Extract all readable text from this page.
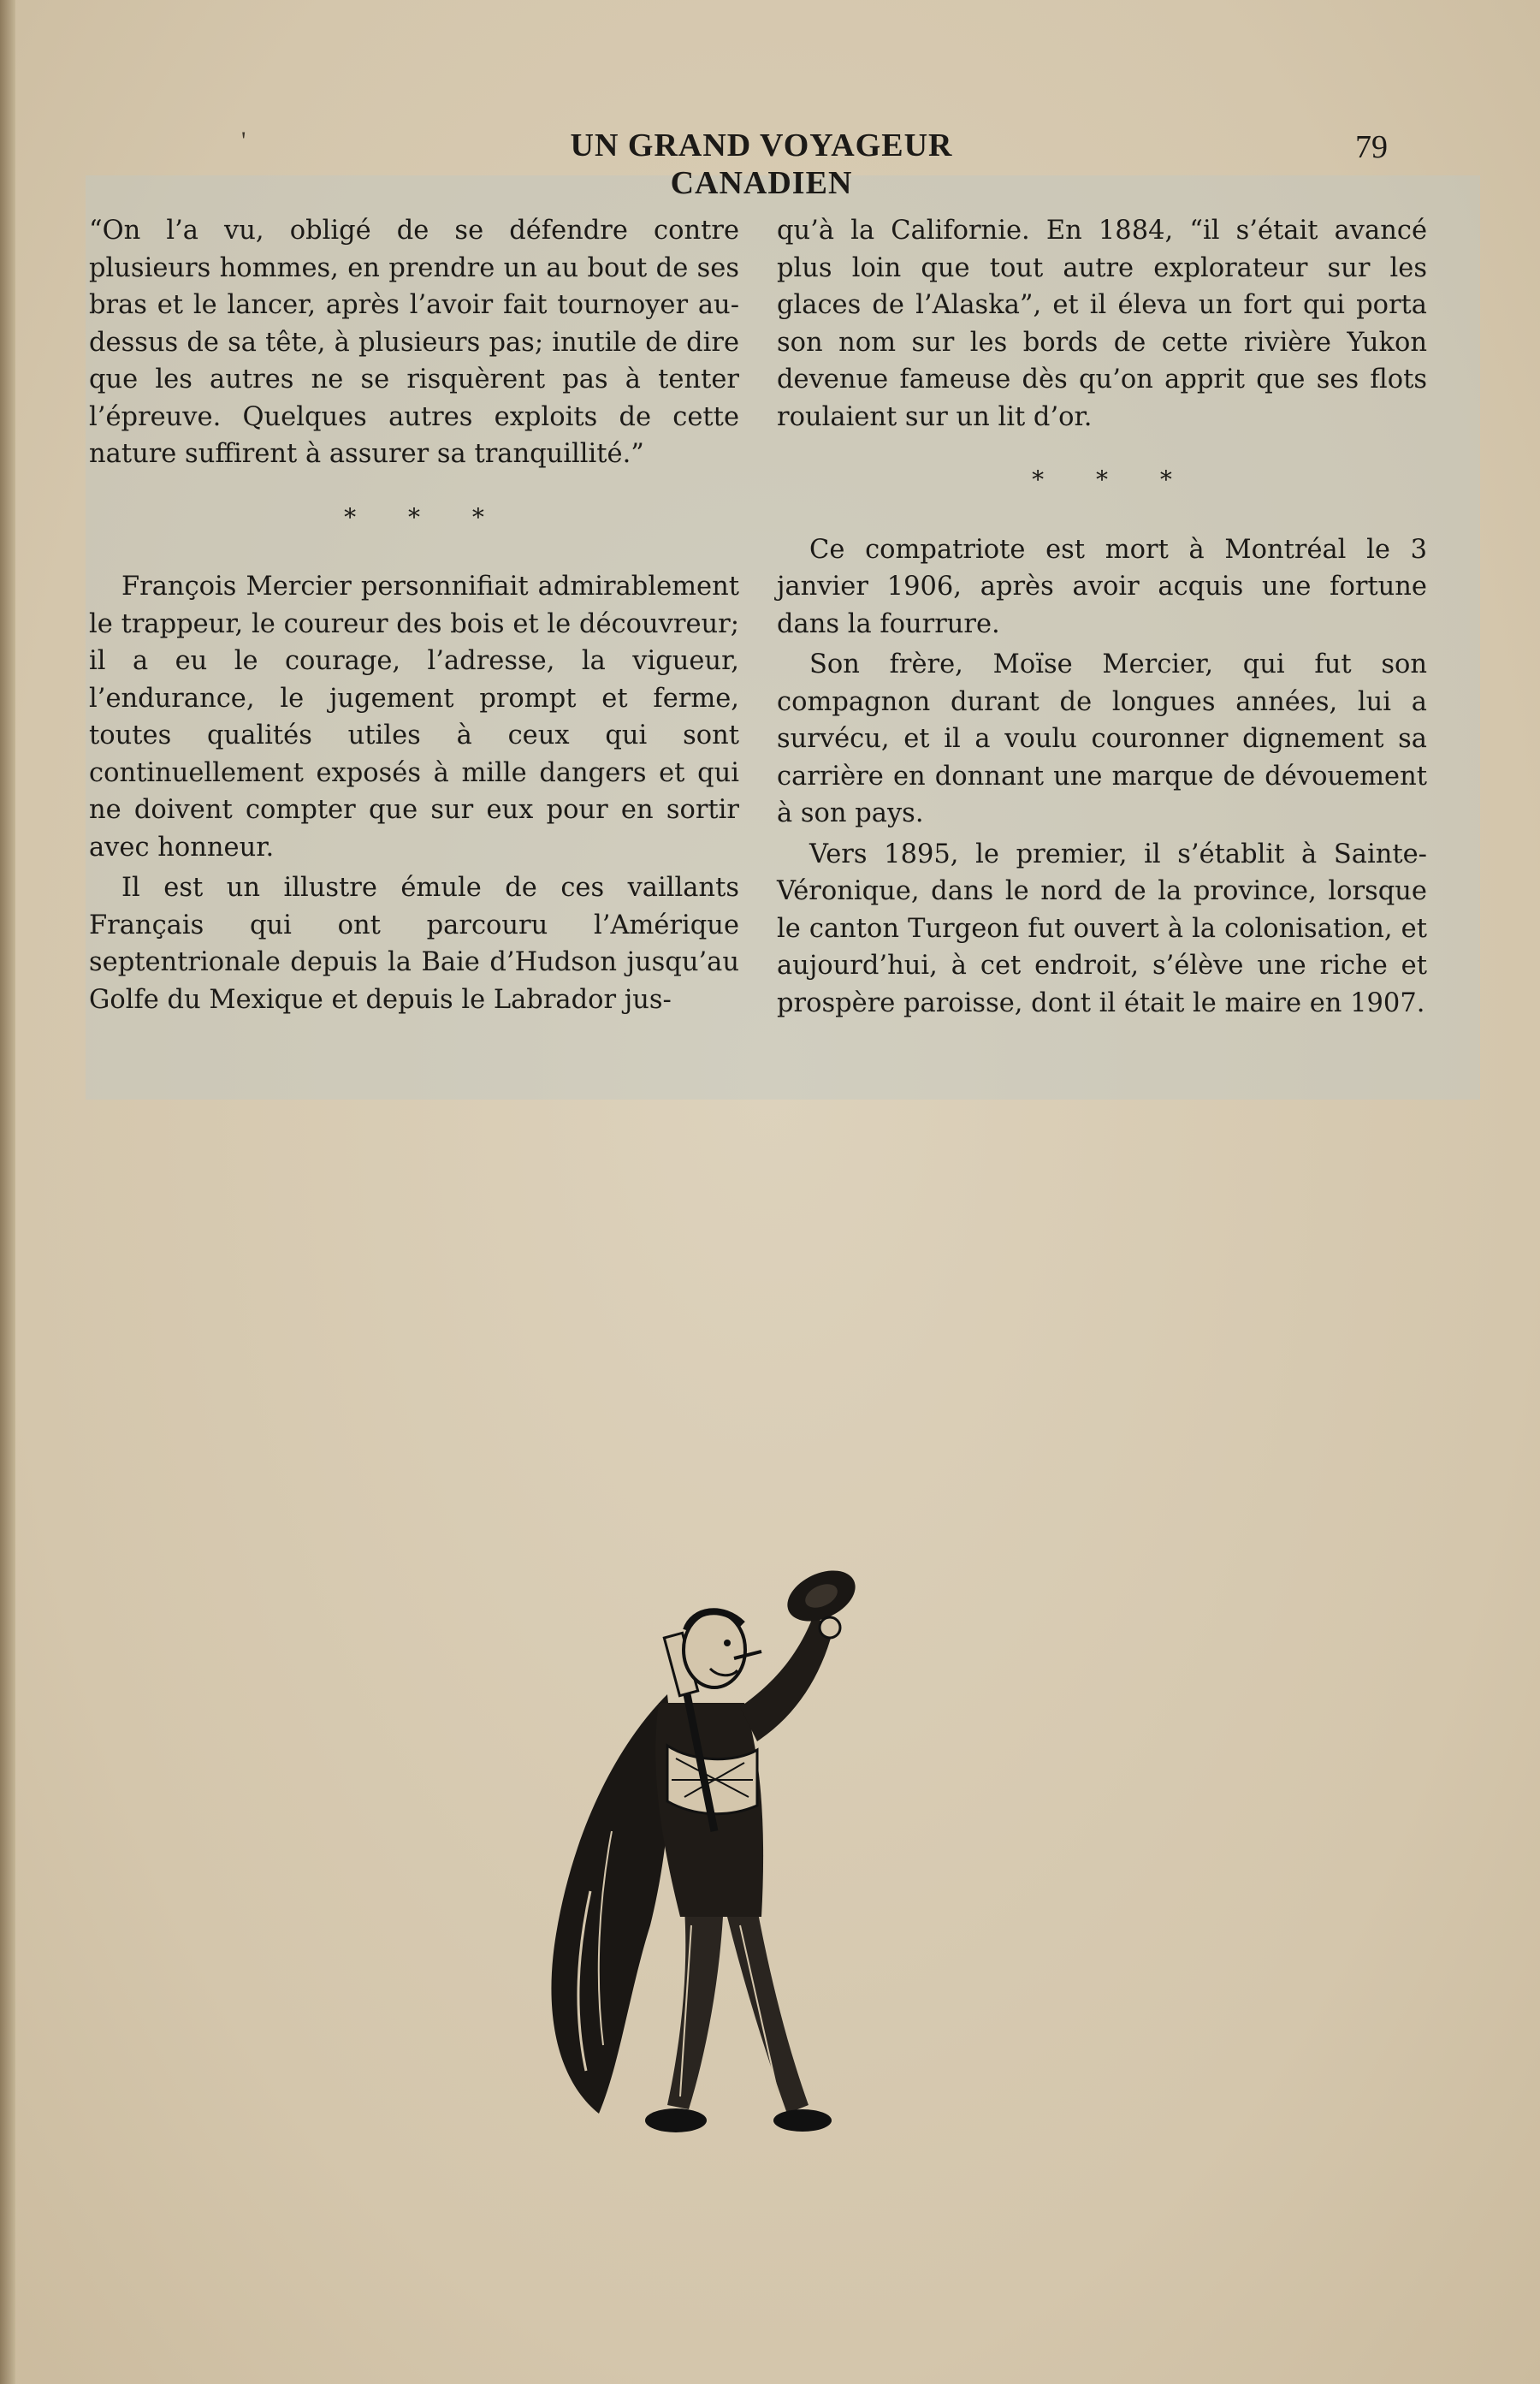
'	UN GRAND VOYAGEUR CANADIEN
79

“On l’a vu, obligé de se défendre contre plusieurs hommes, en prendre un au bout de ses bras et le lancer, après l’avoir fait tournoyer au-dessus de sa tête, à plusieurs pas; inutile de dire que les autres ne se risquèrent pas à tenter l’épreuve. Quelques autres exploits de cette nature suffirent à assurer sa tranquillité.”

* * *

François Mercier personnifiait admirablement le trappeur, le coureur des bois et le découvreur; il a eu le courage, l’adresse, la vigueur, l’endurance, le jugement prompt et ferme, toutes qualités utiles à ceux qui sont continuellement exposés à mille dangers et qui ne doivent compter que sur eux pour en sortir avec honneur.

Il est un illustre émule de ces vaillants Français qui ont parcouru l’Amérique septentrionale depuis la Baie d’Hudson jusqu’au Golfe du Mexique et depuis le Labrador jus-

qu’à la Californie. En 1884, “il s’était avancé plus loin que tout autre explorateur sur les glaces de l’Alaska”, et il éleva un fort qui porta son nom sur les bords de cette rivière Yukon devenue fameuse dès qu’on apprit que ses flots roulaient sur un lit d’or.

* * *

Ce compatriote est mort à Montréal le 3 janvier 1906, après avoir acquis une fortune dans la fourrure.

Son frère, Moïse Mercier, qui fut son compagnon durant de longues années, lui a survécu, et il a voulu couronner dignement sa carrière en donnant une marque de dévouement à son pays.

Vers 1895, le premier, il s’établit à Sainte-Véronique, dans le nord de la province, lorsque le canton Turgeon fut ouvert à la colonisation, et aujourd’hui, à cet endroit, s’élève une riche et prospère paroisse, dont il était le maire en 1907.
